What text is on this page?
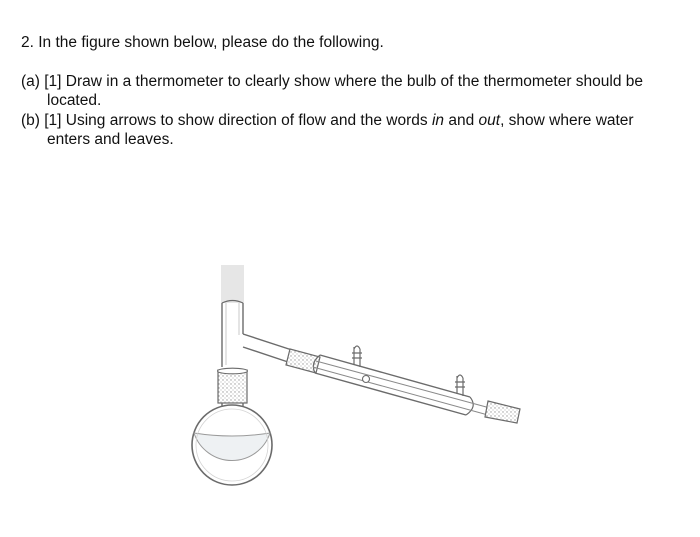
2. In the figure shown below, please do the following.
(a) [1] Draw in a thermometer to clearly show where the bulb of the thermometer should be
located.
(b) [1] Using arrows to show direction of flow and the words in and out, show where water
enters and leaves.
